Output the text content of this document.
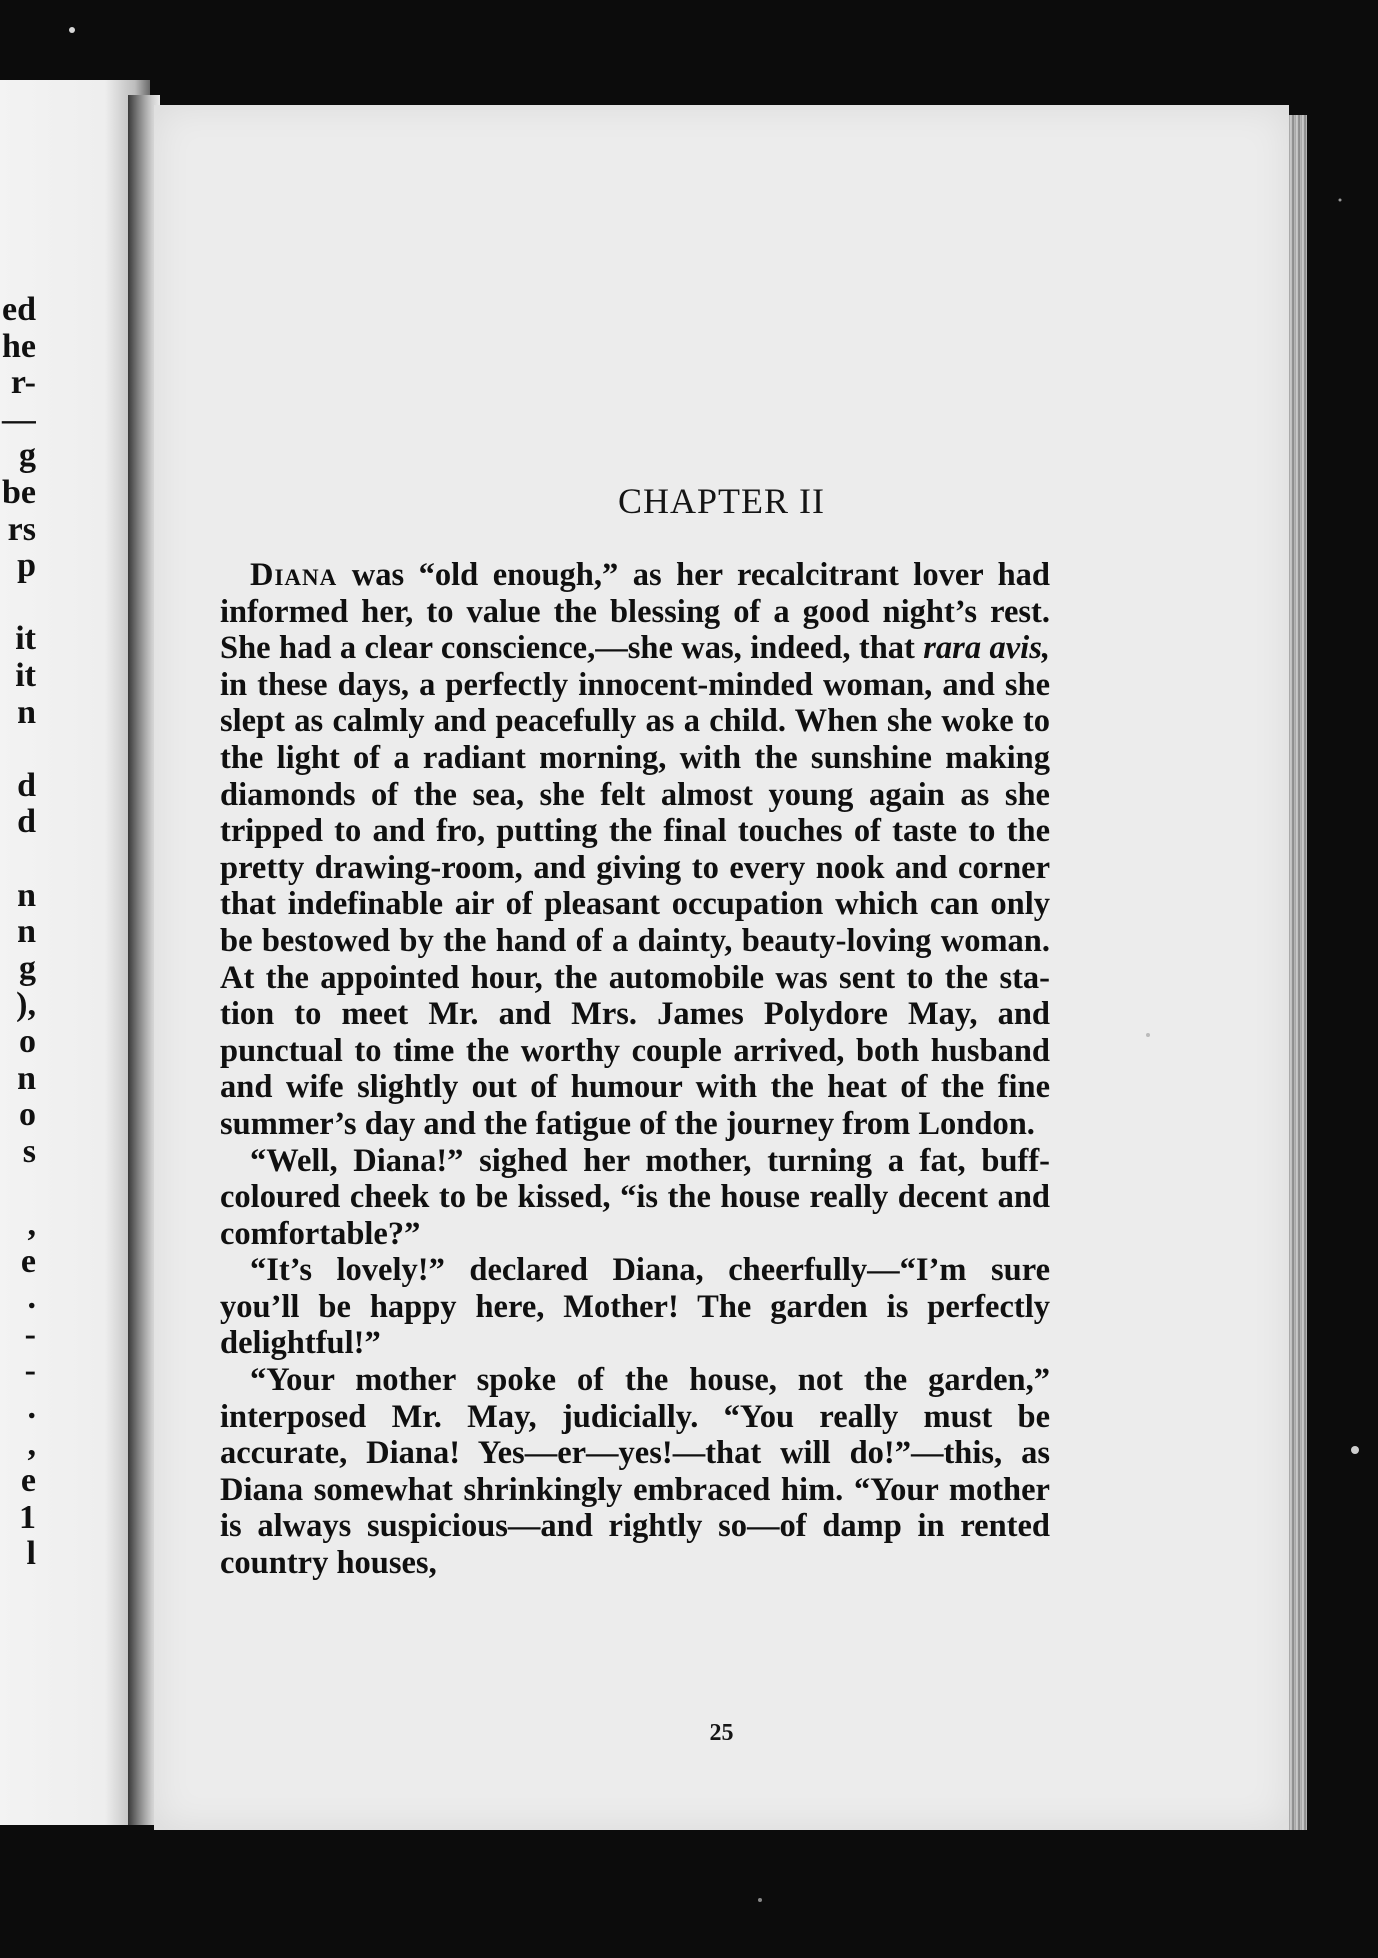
ed
he
r-
—
g
be
rs
p
it
it
n
d
d
n
n
g
),
o
n
o
s
,
e
.
-
-
.
,
e
1
l
CHAPTER II

Diana was “old enough,” as her recalcitrant lover had informed her, to value the blessing of a good night’s rest. She had a clear conscience,—she was, indeed, that rara avis, in these days, a perfectly innocent-minded woman, and she slept as calmly and peacefully as a child. When she woke to the light of a radiant morning, with the sunshine making diamonds of the sea, she felt almost young again as she tripped to and fro, putting the final touches of taste to the pretty drawing-room, and giving to every nook and corner that indefinable air of pleasant occupation which can only be bestowed by the hand of a dainty, beauty-loving woman. At the appointed hour, the automobile was sent to the station to meet Mr. and Mrs. James Polydore May, and punctual to time the worthy couple arrived, both husband and wife slightly out of humour with the heat of the fine summer’s day and the fatigue of the journey from London.

“Well, Diana!” sighed her mother, turning a fat, buff-coloured cheek to be kissed, “is the house really decent and comfortable?”

“It’s lovely!” declared Diana, cheerfully—“I’m sure you’ll be happy here, Mother! The garden is perfectly delightful!”

“Your mother spoke of the house, not the garden,” interposed Mr. May, judicially. “You really must be accurate, Diana! Yes—er—yes!—that will do!”—this, as Diana somewhat shrinkingly embraced him. “Your mother is always suspicious—and rightly so—of damp in rented country houses,

25
